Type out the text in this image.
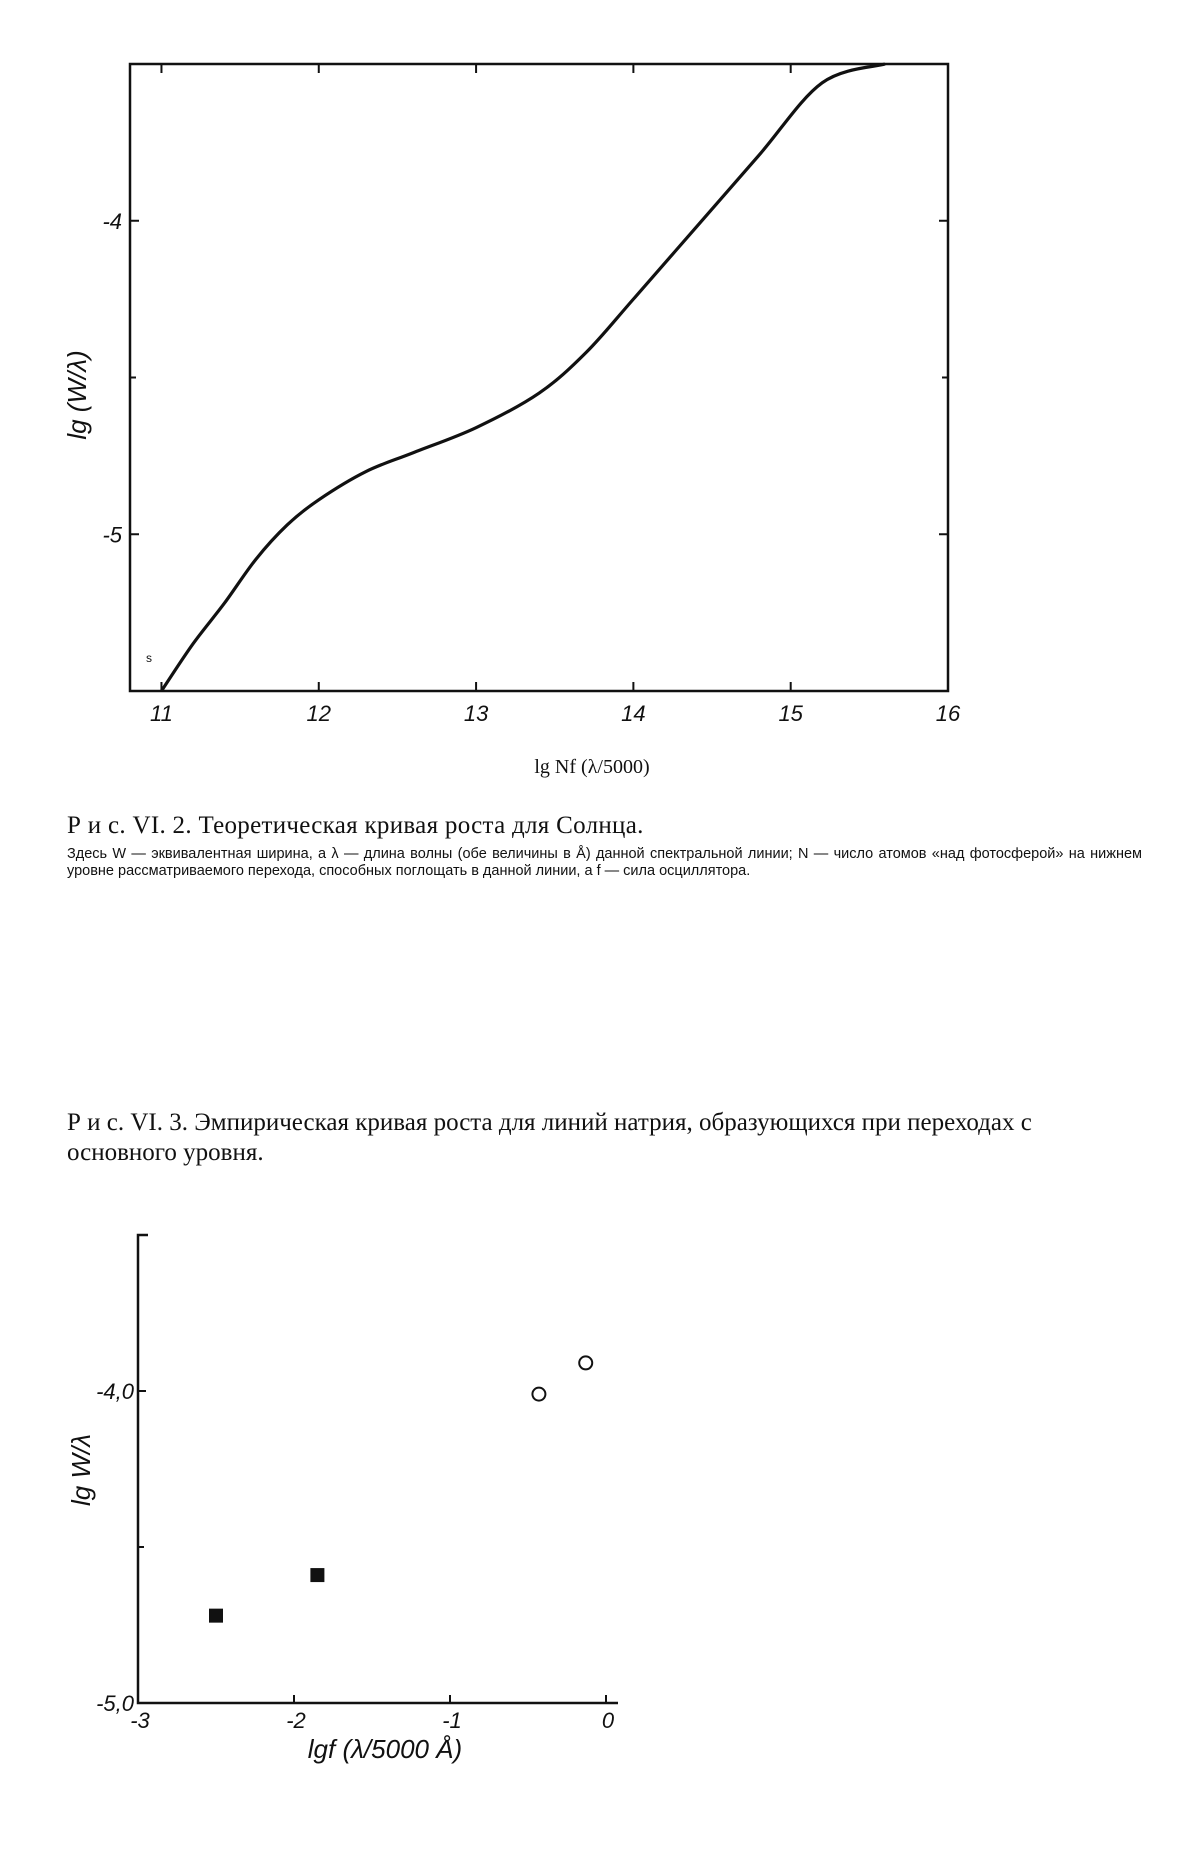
11	12	13	14	15	16
-4
-5
s
lg (W/λ)
lg Nf (λ/5000)
-3	-2	-1	0
-4,0
-5,0
lg W/λ
lgf (λ/5000 Å)
Р и с. VI. 2. Теоретическая кривая роста для Солнца.
Здесь W — эквивалентная ширина, а λ — длина волны (обе величины в Å) данной спектральной линии; N — число атомов «над фотосферой» на нижнем уровне рассматриваемого перехода, способных поглощать в данной линии, а f — сила осциллятора.
Р и с. VI. 3. Эмпирическая кривая роста для линий натрия, образующихся при переходах с основного уровня.
